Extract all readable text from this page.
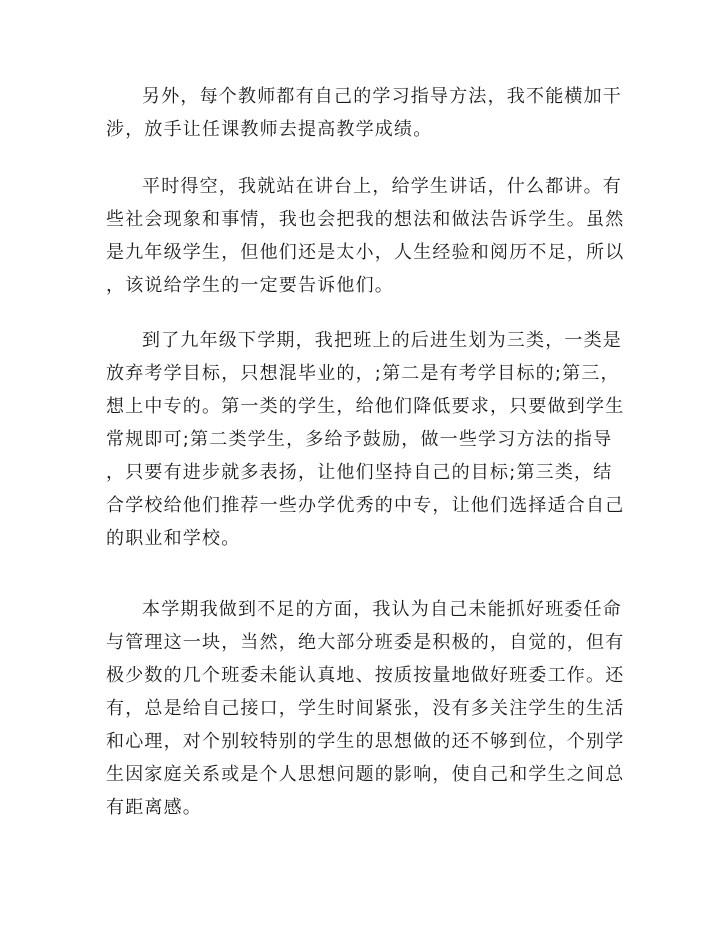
另外，每个教师都有自己的学习指导方法，我不能横加干
涉，放手让任课教师去提高教学成绩。
平时得空，我就站在讲台上，给学生讲话，什么都讲。有
些社会现象和事情，我也会把我的想法和做法告诉学生。虽然
是九年级学生，但他们还是太小，人生经验和阅历不足，所以
，该说给学生的一定要告诉他们。
到了九年级下学期，我把班上的后进生划为三类，一类是
放弃考学目标，只想混毕业的，;第二是有考学目标的;第三，
想上中专的。第一类的学生，给他们降低要求，只要做到学生
常规即可;第二类学生，多给予鼓励，做一些学习方法的指导
，只要有进步就多表扬，让他们坚持自己的目标;第三类，结
合学校给他们推荐一些办学优秀的中专，让他们选择适合自己
的职业和学校。
本学期我做到不足的方面，我认为自己未能抓好班委任命
与管理这一块，当然，绝大部分班委是积极的，自觉的，但有
极少数的几个班委未能认真地、按质按量地做好班委工作。还
有，总是给自己接口，学生时间紧张，没有多关注学生的生活
和心理，对个别较特别的学生的思想做的还不够到位，个别学
生因家庭关系或是个人思想问题的影响，使自己和学生之间总
有距离感。
